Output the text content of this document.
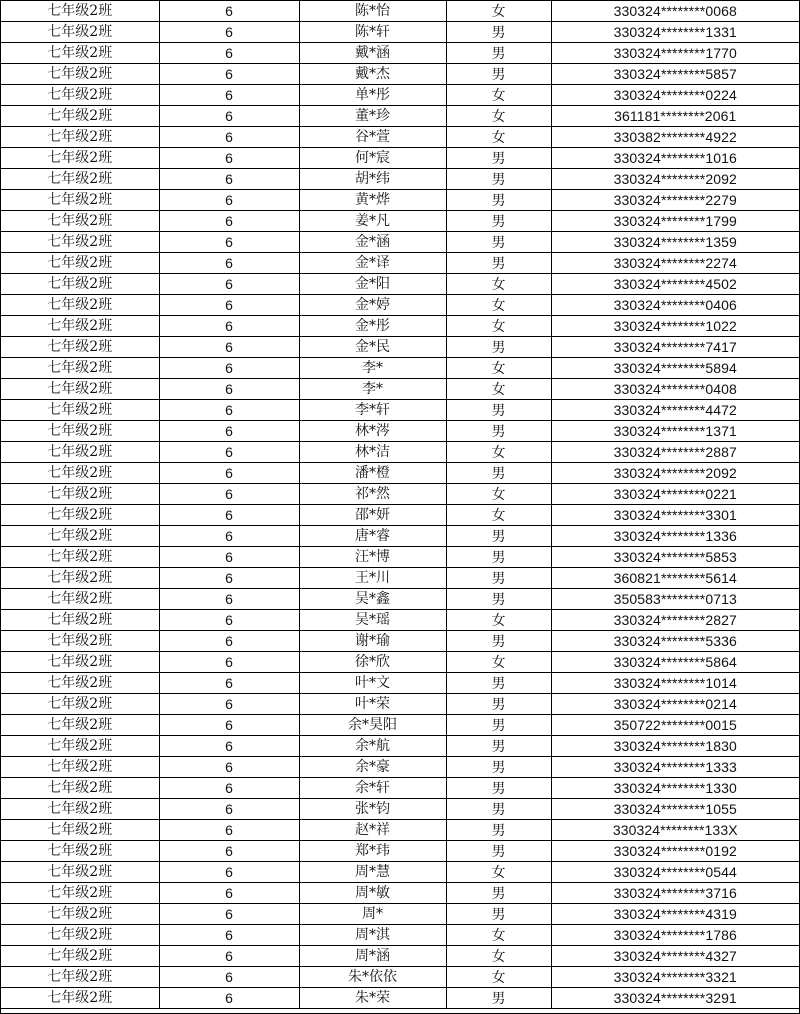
七年级2班	6	陈*怡	女	330324********0068
七年级2班	6	陈*轩	男	330324********1331
七年级2班	6	戴*涵	男	330324********1770
七年级2班	6	戴*杰	男	330324********5857
七年级2班	6	单*彤	女	330324********0224
七年级2班	6	董*珍	女	361181********2061
七年级2班	6	谷*萱	女	330382********4922
七年级2班	6	何*宸	男	330324********1016
七年级2班	6	胡*纬	男	330324********2092
七年级2班	6	黄*烨	男	330324********2279
七年级2班	6	姜*凡	男	330324********1799
七年级2班	6	金*涵	男	330324********1359
七年级2班	6	金*译	男	330324********2274
七年级2班	6	金*阳	女	330324********4502
七年级2班	6	金*婷	女	330324********0406
七年级2班	6	金*彤	女	330324********1022
七年级2班	6	金*民	男	330324********7417
七年级2班	6	李*	女	330324********5894
七年级2班	6	李*	女	330324********0408
七年级2班	6	李*轩	男	330324********4472
七年级2班	6	林*涔	男	330324********1371
七年级2班	6	林*洁	女	330324********2887
七年级2班	6	潘*橙	男	330324********2092
七年级2班	6	祁*然	女	330324********0221
七年级2班	6	邵*妍	女	330324********3301
七年级2班	6	唐*睿	男	330324********1336
七年级2班	6	汪*博	男	330324********5853
七年级2班	6	王*川	男	360821********5614
七年级2班	6	吴*鑫	男	350583********0713
七年级2班	6	吴*瑶	女	330324********2827
七年级2班	6	谢*瑜	男	330324********5336
七年级2班	6	徐*欣	女	330324********5864
七年级2班	6	叶*文	男	330324********1014
七年级2班	6	叶*荣	男	330324********0214
七年级2班	6	余*昊阳	男	350722********0015
七年级2班	6	余*航	男	330324********1830
七年级2班	6	余*豪	男	330324********1333
七年级2班	6	余*轩	男	330324********1330
七年级2班	6	张*钧	男	330324********1055
七年级2班	6	赵*祥	男	330324********133X
七年级2班	6	郑*玮	男	330324********0192
七年级2班	6	周*慧	女	330324********0544
七年级2班	6	周*敏	男	330324********3716
七年级2班	6	周*	男	330324********4319
七年级2班	6	周*淇	女	330324********1786
七年级2班	6	周*涵	女	330324********4327
七年级2班	6	朱*依依	女	330324********3321
七年级2班	6	朱*荣	男	330324********3291
